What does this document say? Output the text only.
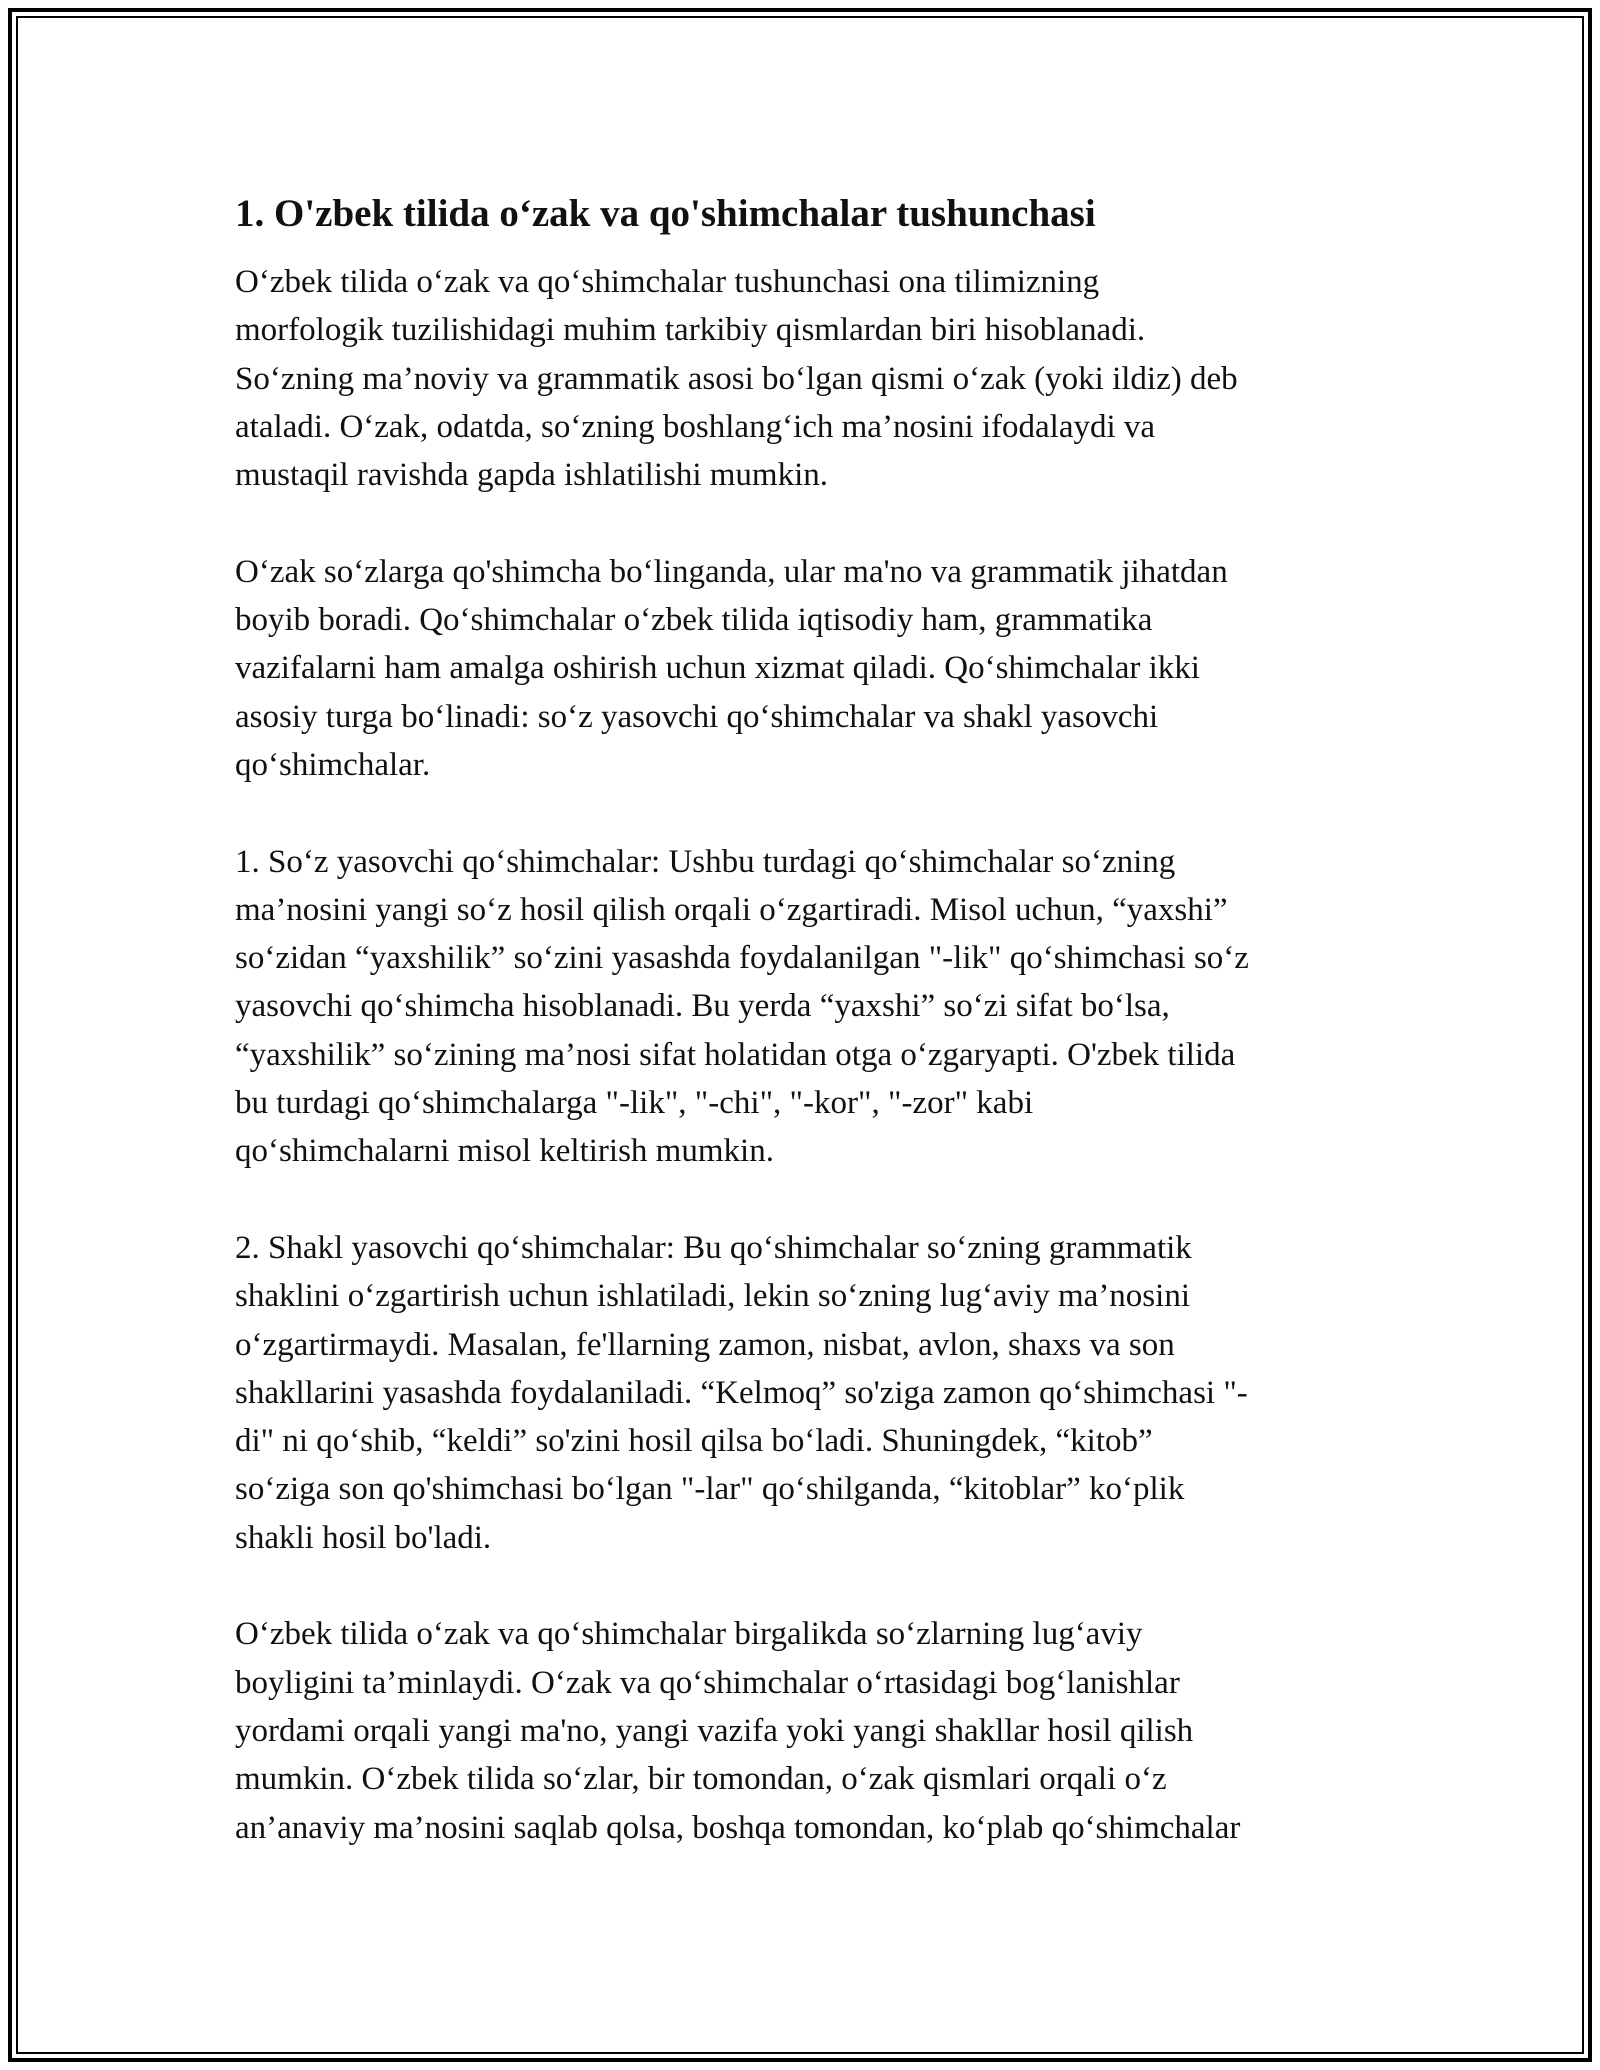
1. O'zbek tilida o‘zak va qo'shimchalar tushunchasi
O‘zbek tilida o‘zak va qo‘shimchalar tushunchasi ona tilimizning
morfologik tuzilishidagi muhim tarkibiy qismlardan biri hisoblanadi.
So‘zning ma’noviy va grammatik asosi bo‘lgan qismi o‘zak (yoki ildiz) deb
ataladi. O‘zak, odatda, so‘zning boshlang‘ich ma’nosini ifodalaydi va
mustaqil ravishda gapda ishlatilishi mumkin.
O‘zak so‘zlarga qo'shimcha bo‘linganda, ular ma'no va grammatik jihatdan
boyib boradi. Qo‘shimchalar o‘zbek tilida iqtisodiy ham, grammatika
vazifalarni ham amalga oshirish uchun xizmat qiladi. Qo‘shimchalar ikki
asosiy turga bo‘linadi: so‘z yasovchi qo‘shimchalar va shakl yasovchi
qo‘shimchalar.
1. So‘z yasovchi qo‘shimchalar: Ushbu turdagi qo‘shimchalar so‘zning
ma’nosini yangi so‘z hosil qilish orqali o‘zgartiradi. Misol uchun, “yaxshi”
so‘zidan “yaxshilik” so‘zini yasashda foydalanilgan "-lik" qo‘shimchasi so‘z
yasovchi qo‘shimcha hisoblanadi. Bu yerda “yaxshi” so‘zi sifat bo‘lsa,
“yaxshilik” so‘zining ma’nosi sifat holatidan otga o‘zgaryapti. O'zbek tilida
bu turdagi qo‘shimchalarga "-lik", "-chi", "-kor", "-zor" kabi
qo‘shimchalarni misol keltirish mumkin.
2. Shakl yasovchi qo‘shimchalar: Bu qo‘shimchalar so‘zning grammatik
shaklini o‘zgartirish uchun ishlatiladi, lekin so‘zning lug‘aviy ma’nosini
o‘zgartirmaydi. Masalan, fe'llarning zamon, nisbat, avlon, shaxs va son
shakllarini yasashda foydalaniladi. “Kelmoq” so'ziga zamon qo‘shimchasi "-
di" ni qo‘shib, “keldi” so'zini hosil qilsa bo‘ladi. Shuningdek, “kitob”
so‘ziga son qo'shimchasi bo‘lgan "-lar" qo‘shilganda, “kitoblar” ko‘plik
shakli hosil bo'ladi.
O‘zbek tilida o‘zak va qo‘shimchalar birgalikda so‘zlarning lug‘aviy
boyligini ta’minlaydi. O‘zak va qo‘shimchalar o‘rtasidagi bog‘lanishlar
yordami orqali yangi ma'no, yangi vazifa yoki yangi shakllar hosil qilish
mumkin. O‘zbek tilida so‘zlar, bir tomondan, o‘zak qismlari orqali o‘z
an’anaviy ma’nosini saqlab qolsa, boshqa tomondan, ko‘plab qo‘shimchalar
